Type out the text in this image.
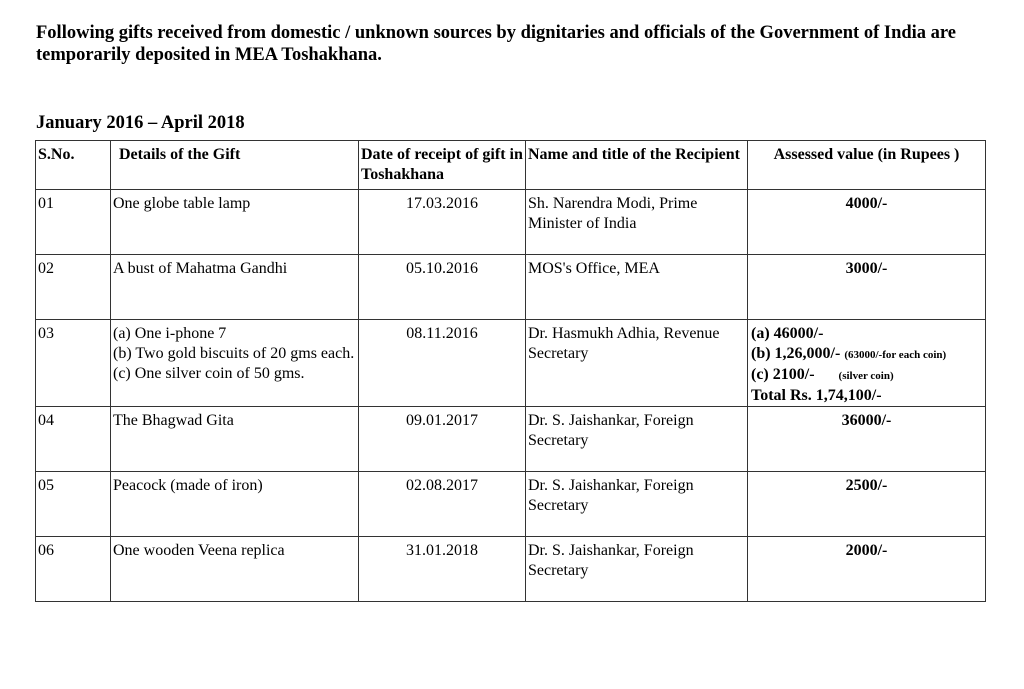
Following gifts received from domestic / unknown sources by dignitaries and officials of the Government of India are temporarily deposited in MEA Toshakhana.

January 2016 – April 2018

S.No.	Details of the Gift	Date of receipt of gift in Toshakhana	Name and title of the Recipient	Assessed value (in Rupees )
01	One globe table lamp	17.03.2016	Sh. Narendra Modi, Prime Minister of India	4000/-
02	A bust of Mahatma Gandhi	05.10.2016	MOS's Office, MEA	3000/-
03	(a) One i-phone 7
(b) Two gold biscuits of 20 gms each.
(c) One silver coin of 50 gms.	08.11.2016	Dr. Hasmukh Adhia, Revenue Secretary	(a) 46000/-
(b) 1,26,000/- (63000/-for each coin)
(c) 2100/- (silver coin)
Total Rs. 1,74,100/-

04	The Bhagwad Gita	09.01.2017	Dr. S. Jaishankar, Foreign Secretary	36000/-
05	Peacock (made of iron)	02.08.2017	Dr. S. Jaishankar, Foreign Secretary	2500/-
06	One wooden Veena replica	31.01.2018	Dr. S. Jaishankar, Foreign Secretary	2000/-
